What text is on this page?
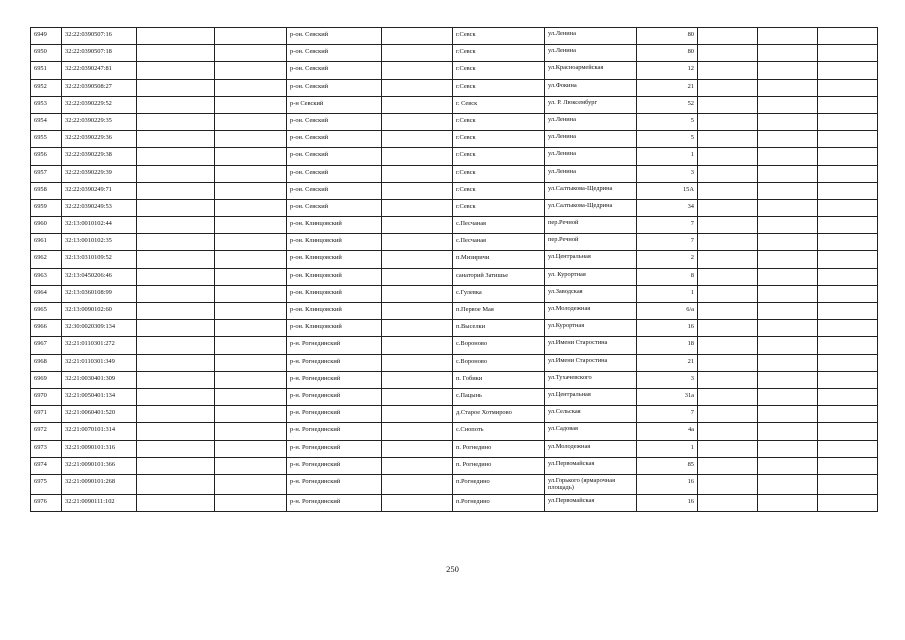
6949	32:22:0390507:16			р-он. Севский		г.Севск	ул.Ленина	80			
6950	32:22:0390507:18			р-он. Севский		г.Севск	ул.Ленина	80			
6951	32:22:0390247:81			р-он. Севский		г.Севск	ул.Красноармейская	12			
6952	32:22:0390508:27			р-он. Севский		г.Севск	ул.Фокина	21			
6953	32:22:0390229:52			р-н Севский		г. Севск	ул. Р. Люксембург	52			
6954	32:22:0390229:35			р-он. Севский		г.Севск	ул.Ленина	5			
6955	32:22:0390229:36			р-он. Севский		г.Севск	ул.Ленина	5			
6956	32:22:0390229:38			р-он. Севский		г.Севск	ул.Ленина	1			
6957	32:22:0390229:39			р-он. Севский		г.Севск	ул.Ленина	3			
6958	32:22:0390249:71			р-он. Севский		г.Севск	ул.Салтыкова-Щедрина	15А			
6959	32:22:0390249:53			р-он. Севский		г.Севск	ул.Салтыкова-Щедрина	34			
6960	32:13:0010102:44			р-он. Клинцовский		с.Песчаная	пер.Речной	7			
6961	32:13:0010102:35			р-он. Клинцовский		с.Песчаная	пер.Речной	7			
6962	32:13:0310109:52			р-он. Клинцовский		п.Мизиричи	ул.Центральная	2			
6963	32:13:0450206:46			р-он. Клинцовский		санаторий Затишье	ул. Курортная	8			
6964	32:13:0360108:99			р-он. Клинцовский		с.Гулевка	ул.Заводская	1			
6965	32:13:0090102:60			р-он. Клинцовский		п.Первое Мая	ул.Молодежная	6/а			
6966	32:30:0020309:134			р-он. Клинцовский		п.Выселки	ул.Курортная	16			
6967	32:21:0110301:272			р-н. Рогнединский		с.Вороново	ул.Имени Старостина	18			
6968	32:21:0110301:349			р-н. Рогнединский		с.Вороново	ул.Имени Старостина	21			
6969	32:21:0030401:309			р-н. Рогнединский		п. Гобики	ул.Тухачевского	3			
6970	32:21:0050401:134			р-н. Рогнединский		с.Пацынь	ул.Центральная	31а			
6971	32:21:0060401:520			р-н. Рогнединский		д.Старое Хотмирово	ул.Сельская	7			
6972	32:21:0070101:314			р-н. Рогнединский		с.Снопоть	ул.Садовая	4а			
6973	32:21:0090101:316			р-н. Рогнединский		п. Рогнедино	ул.Молодежная	1			
6974	32:21:0090101:366			р-н. Рогнединский		п. Рогнедино	ул.Первомайская	85			
6975	32:21:0090101:268			р-н. Рогнединский		п.Рогнедино	ул.Горького (ярмарочная площадь)	16			
6976	32:21:0090111:102			р-н. Рогнединский		п.Рогнедино	ул.Первомайская	16			
250
